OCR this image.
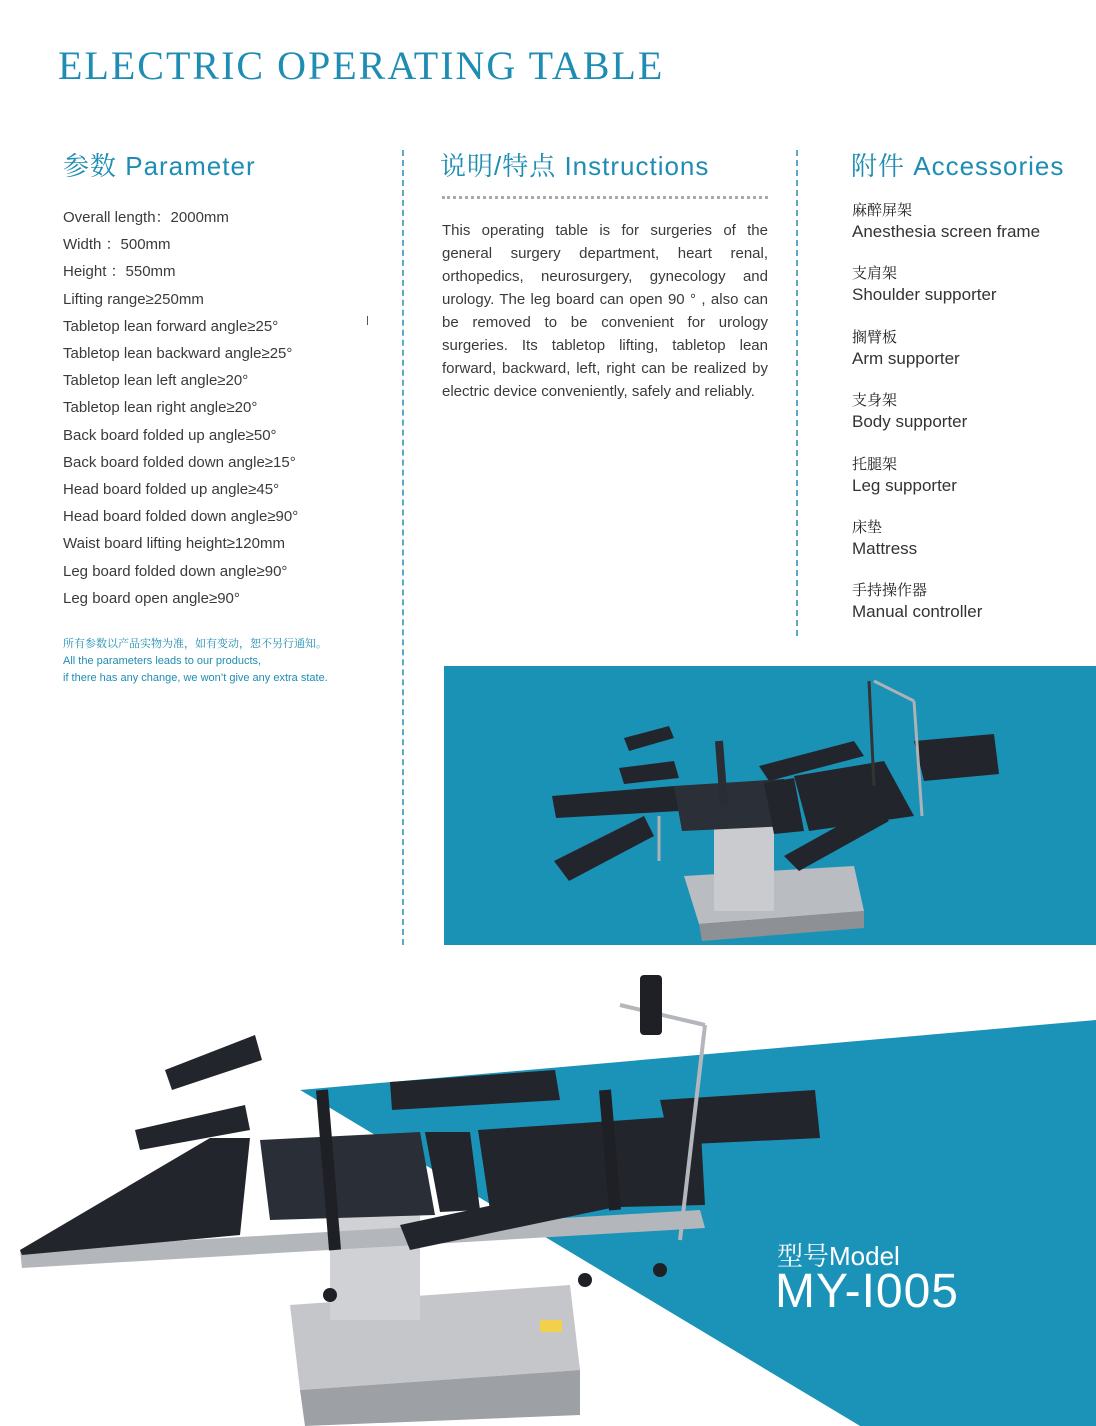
ELECTRIC OPERATING TABLE
参数 Parameter	说明/特点 Instructions	附件 Accessories
Overall length：2000mm
Width ：500mm
Height ：550mm
Lifting range≥250mm
Tabletop lean forward angle≥25°
Tabletop lean backward angle≥25°
Tabletop lean left angle≥20°
Tabletop lean right angle≥20°
Back board folded up angle≥50°
Back board folded down angle≥15°
Head board folded up angle≥45°
Head board folded down angle≥90°
Waist board lifting height≥120mm
Leg board folded down angle≥90°
Leg board open angle≥90°
所有参数以产品实物为准，如有变动，恕不另行通知。
All the parameters leads to our products,
if there has any change, we won’t give any extra state.

This operating table is for surgeries of the general surgery department, heart renal, orthopedics, neurosurgery, gynecology and urology. The leg board can open 90 ° , also can be removed to be convenient for urology surgeries. Its tabletop lifting, tabletop lean forward, backward, left, right can be realized by electric device conveniently, safely and reliably.

麻醉屏架
Anesthesia screen frame
支肩架
Shoulder supporter
搁臂板
Arm supporter
支身架
Body supporter
托腿架
Leg supporter
床垫
Mattress
手持操作器
Manual controller
型号Model
MY-I005
